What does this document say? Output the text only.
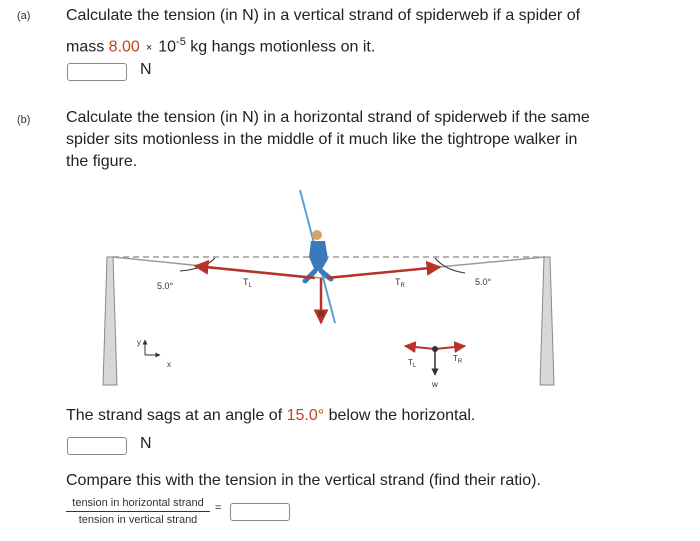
(a) Calculate the tension (in N) in a vertical strand of spiderweb if a spider of
mass $8.00 \times 10^{-5}$ kg hangs motionless on it.
N
(b) Calculate the tension (in N) in a horizontal strand of spiderweb if the same
spider sits motionless in the middle of it much like the tightrope walker in
the figure.
5.0°	5.0°
$T_L$	$T_R$
w
y
x	$T_L$
$T_R$
w
The strand sags at an angle of 15.0° below the horizontal.
N
Compare this with the tension in the vertical strand (find their ratio).
tension in horizontal strand
tension in vertical strand
=
